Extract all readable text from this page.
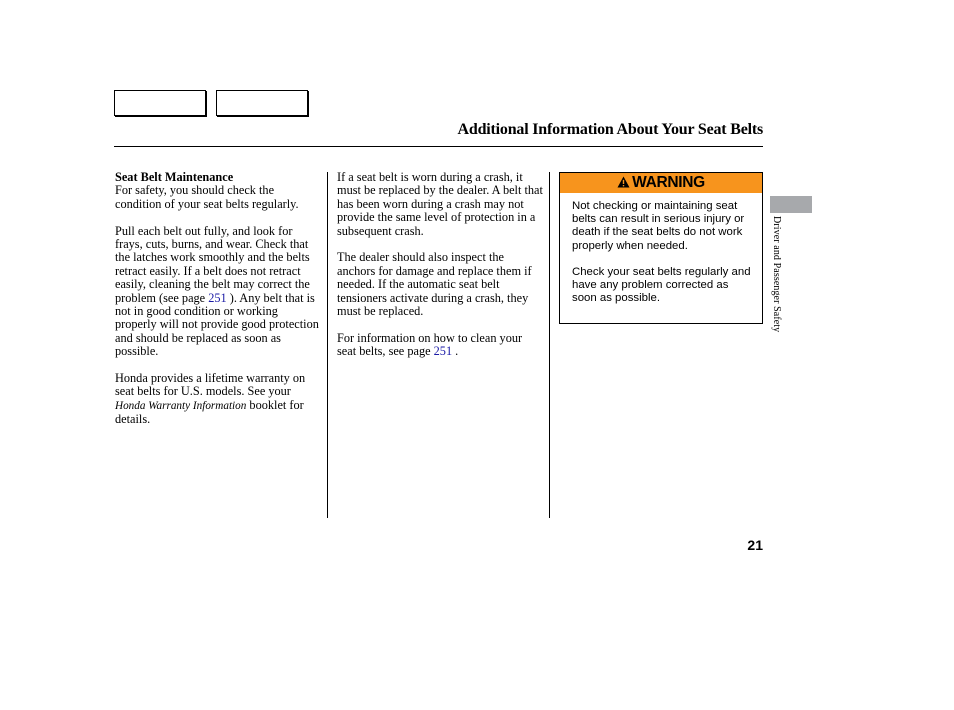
Additional Information About Your Seat Belts

Seat Belt Maintenance
For safety, you should check the condition of your seat belts regularly.

Pull each belt out fully, and look for frays, cuts, burns, and wear. Check that the latches work smoothly and the belts retract easily. If a belt does not retract easily, cleaning the belt may correct the problem (see page 251 ). Any belt that is not in good condition or working properly will not provide good protection and should be replaced as soon as possible.

Honda provides a lifetime warranty on seat belts for U.S. models. See your Honda Warranty Information booklet for details.

If a seat belt is worn during a crash, it must be replaced by the dealer. A belt that has been worn during a crash may not provide the same level of protection in a subsequent crash.

The dealer should also inspect the anchors for damage and replace them if needed. If the automatic seat belt tensioners activate during a crash, they must be replaced.

For information on how to clean your seat belts, see page 251 .

WARNING

Not checking or maintaining seat belts can result in serious injury or death if the seat belts do not work properly when needed.

Check your seat belts regularly and have any problem corrected as soon as possible.	Driver and Passenger Safety
21
